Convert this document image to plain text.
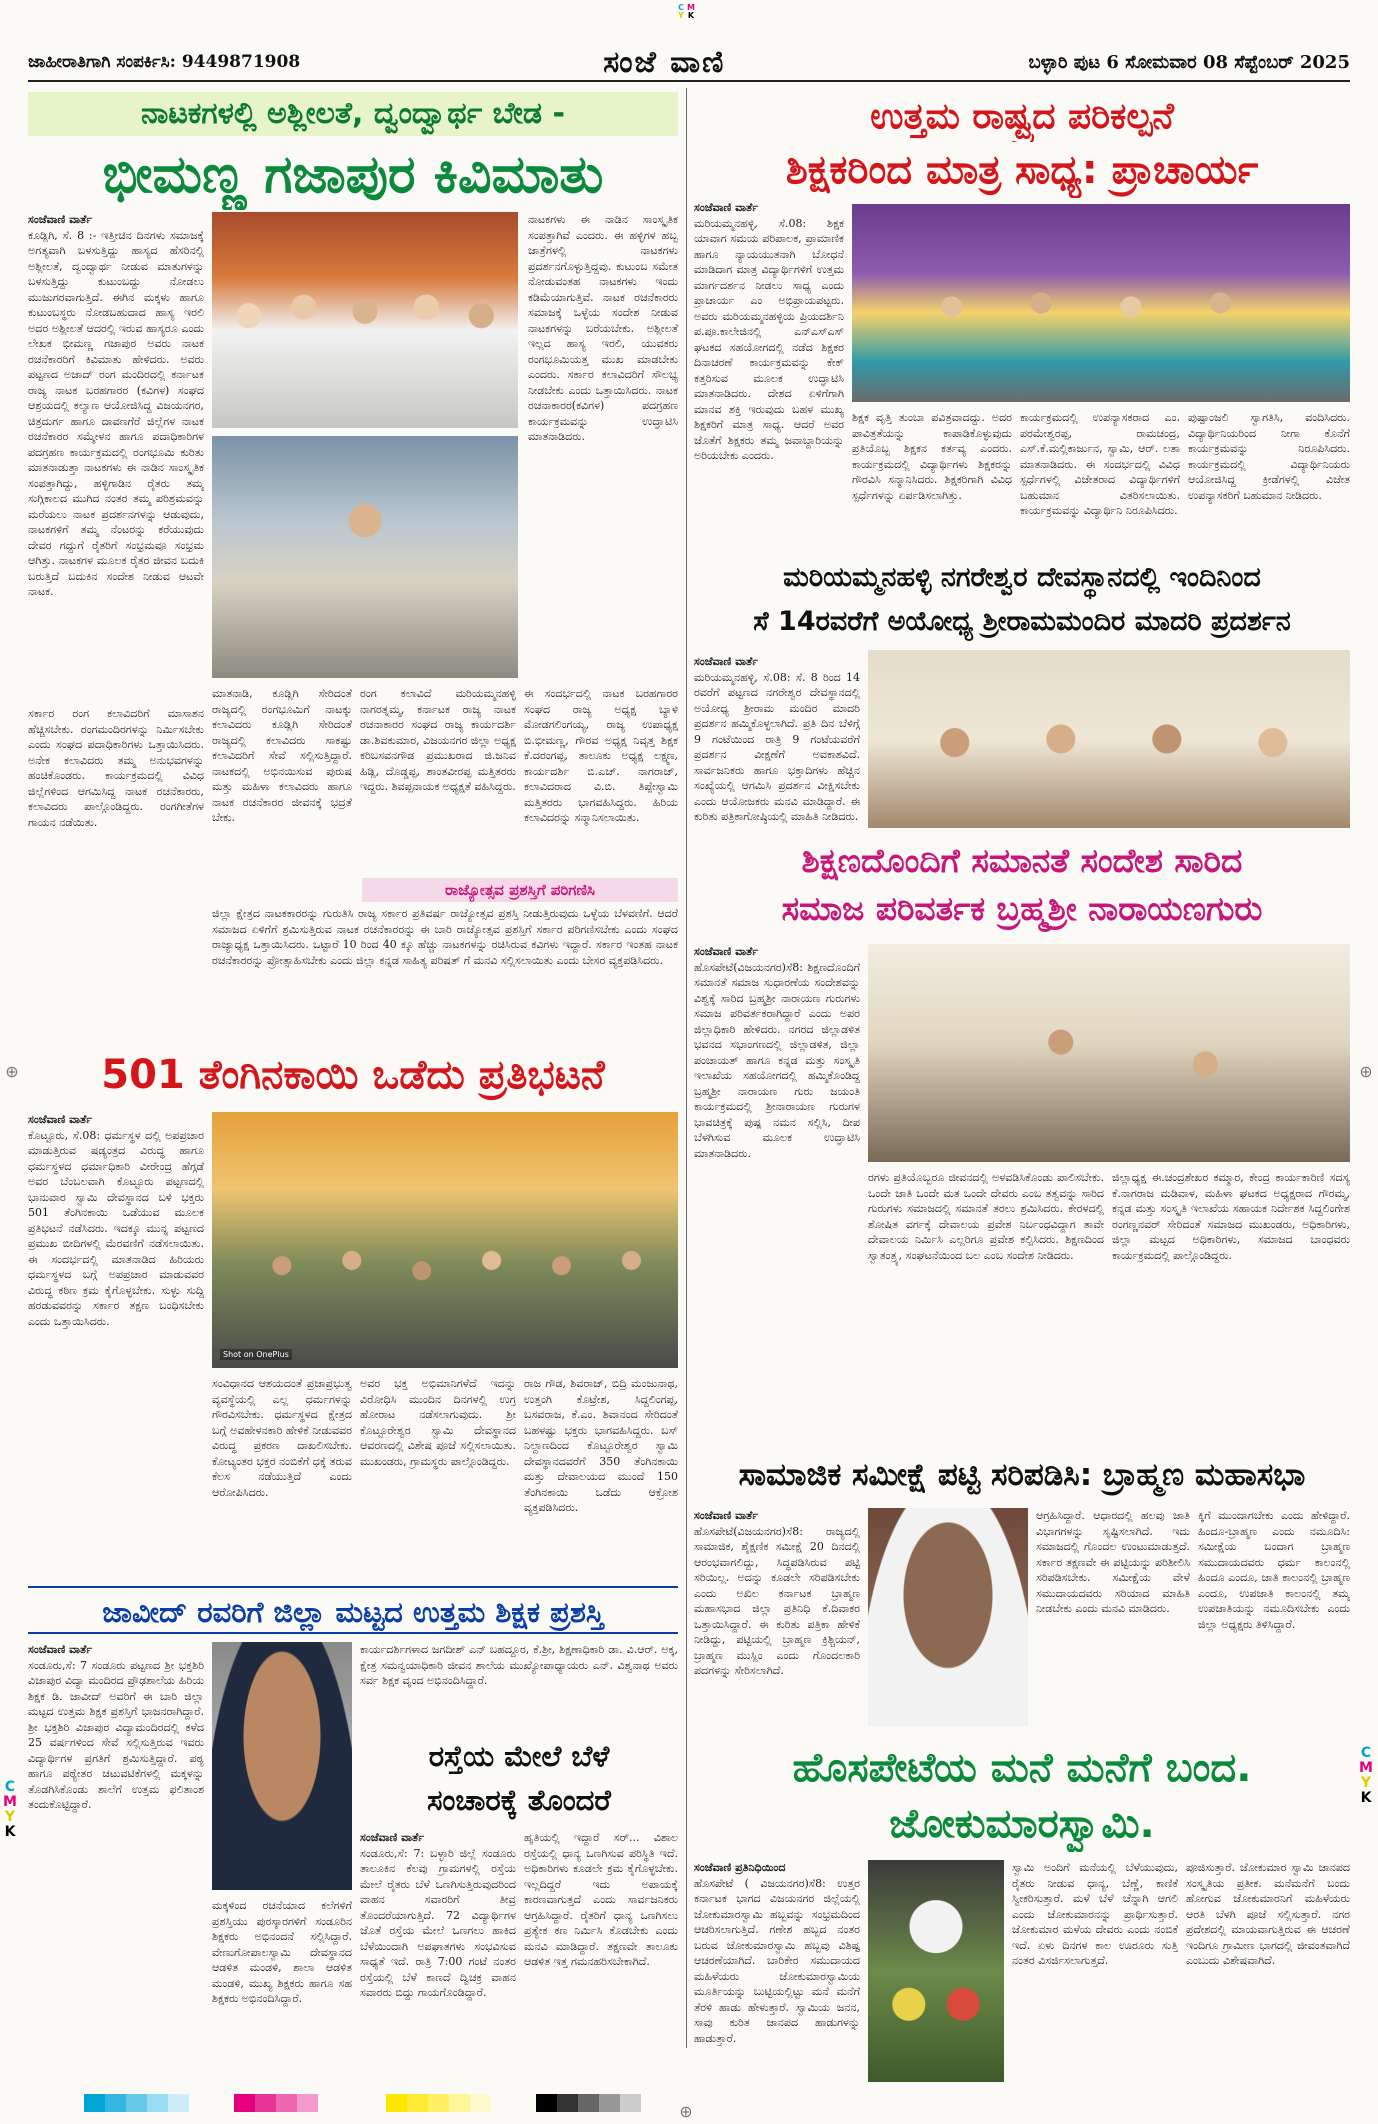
C M
Y K
ಜಾಹೀರಾತಿಗಾಗಿ ಸಂಪರ್ಕಿಸಿ: 9449871908	ಸಂಜೆ ವಾಣಿ	ಬಳ್ಳಾರಿ ಪುಟ 6 ಸೋಮವಾರ 08 ಸೆಪ್ಟೆಂಬರ್ 2025
ನಾಟಕಗಳಲ್ಲಿ ಅಶ್ಲೀಲತೆ, ದ್ವಂದ್ವಾರ್ಥ ಬೇಡ -
ಭೀಮಣ್ಣ ಗಜಾಪುರ ಕಿವಿಮಾತು
ಸಂಜೆವಾಣಿ ವಾರ್ತೆ
ಕೂಡ್ಲಿಗಿ, ಸೆ. 8 :- ಇತ್ತೀಚಿನ ದಿನಗಳು ಸಮಾಜಕ್ಕೆ ಅಗತ್ಯವಾಗಿ ಬಳಸುತ್ತಿದ್ದು ಹಾಸ್ಯದ ಹೆಸರಿನಲ್ಲಿ ಅಶ್ಲೀಲತೆ, ದ್ವಂದ್ವಾರ್ಥ ನೀಡುವ ಮಾತುಗಳನ್ನು ಬಳಸುತ್ತಿದ್ದು ಕುಟುಂಬದ್ದು ನೋಡಲು ಮುಜುಗರವಾಗುತ್ತಿದೆ. ಈಗಿನ ಮಕ್ಕಳು ಹಾಗೂ ಕುಟುಂಬಸ್ಥರು ನೋಡಬಹುದಾದ ಹಾಸ್ಯ ಇರಲಿ ಅದರ ಅಶ್ಲೀಲತೆ ಆದರಲ್ಲಿ ಇರುವ ಹಾಸ್ಯರೂ ಎಂದು ಲೇಖಕ ಭೀಮಣ್ಣ ಗಜಾಪುರ ಅವರು ನಾಟಕ ರಚನೆಕಾರರಿಗೆ ಕಿವಿಮಾತು ಹೇಳಿದರು. ಅವರು ಪಟ್ಟಣದ ಅಜಾದ್ ರಂಗ ಮಂದಿರದಲ್ಲಿ ಕರ್ನಾಟಕ ರಾಜ್ಯ ನಾಟಕ ಬರಹಗಾರರ (ಕವಿಗಳ) ಸಂಘದ ಆಶ್ರಯದಲ್ಲಿ ಕಲ್ಯಾಣ ಆಯೋಜಿಸಿದ್ದ ವಿಜಯನಗರ, ಚಿತ್ರದುರ್ಗ ಹಾಗೂ ದಾವಣಗೆರೆ ಜಿಲ್ಲೆಗಳ ನಾಟಕ ರಚನೆಕಾರರ ಸಮ್ಮೇಳನ ಹಾಗೂ ಪದಾಧಿಕಾರಿಗಳ ಪದಗ್ರಹಣ ಕಾರ್ಯಕ್ರಮದಲ್ಲಿ ರಂಗಭೂಮಿ ಕುರಿತು ಮಾತನಾಡುತ್ತಾ ನಾಟಕಗಳು ಈ ನಾಡಿನ ಸಾಂಸ್ಕೃತಿಕ ಸಂಪತ್ತಾಗಿದ್ದು, ಹಳ್ಳಿಗಾಡಿನ ರೈತರು ತಮ್ಮ ಸುಗ್ಗಿಕಾಲದ ಮುಗಿದ ನಂತರ ತಮ್ಮ ಪರಿಶ್ರಮವನ್ನು ಮರೆಯಲು ನಾಟಕ ಪ್ರದರ್ಶನಗಳನ್ನು ಆಡುವುದು, ನಾಟಕಗಳಿಗೆ ತಮ್ಮ ನೆಂಟರನ್ನು ಕರೆಯುವುದು ದೇವರ ಗದ್ದುಗೆ ರೈತರಿಗೆ ಸಂಭ್ರಮವೂ ಸಂಭ್ರಮ ಆಗಿತ್ತು. ನಾಟಕಗಳ ಮೂಲಕ ರೈತರ ಜೀವನ ಬದುಕಿ ಬರುತ್ತಿದೆ ಬದುಕಿನ ಸಂದೇಶ ನೀಡುವ ಆಟವೇ ನಾಟಕ.
ನಾಟಕಗಳು ಈ ನಾಡಿನ ಸಾಂಸ್ಕೃತಿಕ ಸಂಪತ್ತಾಗಿವೆ ಎಂದರು. ಈ ಹಳ್ಳಿಗಳ ಹಬ್ಬ ಜಾತ್ರೆಗಳಲ್ಲಿ ನಾಟಕಗಳು ಪ್ರದರ್ಶನಗೊಳ್ಳುತ್ತಿದ್ದವು. ಕುಟುಂಬ ಸಮೇತ ನೋಡುವಂತಹ ನಾಟಕಗಳು ಇಂದು ಕಡಿಮೆಯಾಗುತ್ತಿವೆ. ನಾಟಕ ರಚನೆಕಾರರು ಸಮಾಜಕ್ಕೆ ಒಳ್ಳೆಯ ಸಂದೇಶ ನೀಡುವ ನಾಟಕಗಳನ್ನು ಬರೆಯಬೇಕು. ಅಶ್ಲೀಲತೆ ಇಲ್ಲದ ಹಾಸ್ಯ ಇರಲಿ, ಯುವಕರು ರಂಗಭೂಮಿಯತ್ತ ಮುಖ ಮಾಡಬೇಕು ಎಂದರು. ಸರ್ಕಾರ ಕಲಾವಿದರಿಗೆ ಸೌಲಭ್ಯ ನೀಡಬೇಕು ಎಂದು ಒತ್ತಾಯಿಸಿದರು. ನಾಟಕ ರಚನಾಕಾರರ(ಕವಿಗಳ) ಪದಗ್ರಹಣ ಕಾರ್ಯಕ್ರಮವನ್ನು ಉದ್ಘಾಟಿಸಿ ಮಾತನಾಡಿದರು.
ಸರ್ಕಾರ ರಂಗ ಕಲಾವಿದರಿಗೆ ಮಾಸಾಶನ ಹೆಚ್ಚಿಸಬೇಕು. ರಂಗಮಂದಿರಗಳನ್ನು ನಿರ್ಮಿಸಬೇಕು ಎಂದು ಸಂಘದ ಪದಾಧಿಕಾರಿಗಳು ಒತ್ತಾಯಿಸಿದರು. ಅನೇಕ ಕಲಾವಿದರು ತಮ್ಮ ಅನುಭವಗಳನ್ನು ಹಂಚಿಕೊಂಡರು. ಕಾರ್ಯಕ್ರಮದಲ್ಲಿ ವಿವಿಧ ಜಿಲ್ಲೆಗಳಿಂದ ಆಗಮಿಸಿದ್ದ ನಾಟಕ ರಚನೆಕಾರರು, ಕಲಾವಿದರು ಪಾಲ್ಗೊಂಡಿದ್ದರು. ರಂಗಗೀತೆಗಳ ಗಾಯನ ನಡೆಯಿತು.
ಮಾತನಾಡಿ, ಕೂಡ್ಲಿಗಿ ಸೇರಿದಂತೆ ರಾಜ್ಯದಲ್ಲಿ ರಂಗಭೂಮಿಗೆ ನಾಟಕ್ಕು ಕಲಾವಿದರು ಕೂಡ್ಲಿಗಿ ಸೇರಿದಂತೆ ರಾಜ್ಯದಲ್ಲಿ ಕಲಾವಿದರು ಸಾಕಷ್ಟು ಕಲಾವಿದರಿಗೆ ಸೇವೆ ಸಲ್ಲಿಸುತ್ತಿದ್ದಾರೆ. ನಾಟಕದಲ್ಲಿ ಅಭಿನಯಿಸುವ ಪುರುಷ ಮತ್ತು ಮಹಿಳಾ ಕಲಾವಿದರು ಹಾಗೂ ನಾಟಕ ರಚನೆಕಾರರ ಜೀವನಕ್ಕೆ ಭದ್ರತೆ ಬೇಕು.
ರಂಗ ಕಲಾವಿದೆ ಮರಿಯಮ್ಮನಹಳ್ಳಿ ನಾಗರತ್ನಮ್ಮ, ಕರ್ನಾಟಕ ರಾಜ್ಯ ನಾಟಕ ರಚನಾಕಾರರ ಸಂಘದ ರಾಜ್ಯ ಕಾರ್ಯದರ್ಶಿ ಡಾ.ಶಿವಕುಮಾರ, ವಿಜಯನಗರ ಜಿಲ್ಲಾ ಅಧ್ಯಕ್ಷ ಕರಿಬಸವನಗೌಡ ಪ್ರಮುಖರಾದ ಜಿ.ಜನಿವ ಹಿಡ್ಲಿ, ದೊಡ್ಡಪ್ಪ, ಶಾಂತವೀರಪ್ಪ ಮತ್ತಿತರರು ಇದ್ದರು. ಶಿವಪ್ಪನಾಯಕ ಅಧ್ಯಕ್ಷತೆ ವಹಿಸಿದ್ದರು.
ಈ ಸಂದರ್ಭದಲ್ಲಿ ನಾಟಕ ಬರಹಗಾರರ ಸಂಘದ ರಾಜ್ಯ ಅಧ್ಯಕ್ಷ ಬ್ಯಾಳಿ ಮೋಡಗಲಿಂಗಯ್ಯ, ರಾಜ್ಯ ಉಪಾಧ್ಯಕ್ಷ ಬಿ.ಭೀಮಣ್ಣ, ಗೌರವ ಅಧ್ಯಕ್ಷ ನಿವೃತ್ತ ಶಿಕ್ಷಕ ಕೆ.ದರಂಗಪ್ಪ, ತಾಲೂಕು ಅಧ್ಯಕ್ಷ ಲಕ್ಷ್ಮಣ, ಕಾರ್ಯದರ್ಶಿ ಬಿ.ಎಚ್. ನಾಗರಾಜ್, ಕಲಾವಿದರಾದ ವಿ.ಬಿ. ತಿಪ್ಪೇಸ್ವಾಮಿ ಮತ್ತಿತರರು ಭಾಗವಹಿಸಿದ್ದರು. ಹಿರಿಯ ಕಲಾವಿದರನ್ನು ಸನ್ಮಾನಿಸಲಾಯಿತು.
ರಾಜ್ಯೋತ್ಸವ ಪ್ರಶಸ್ತಿಗೆ ಪರಿಗಣಿಸಿ
ಜಿಲ್ಲಾ ಕ್ಷೇತ್ರದ ನಾಟಕಕಾರರನ್ನು ಗುರುತಿಸಿ ರಾಜ್ಯ ಸರ್ಕಾರ ಪ್ರತಿವರ್ಷ ರಾಜ್ಯೋತ್ಸವ ಪ್ರಶಸ್ತಿ ನೀಡುತ್ತಿರುವುದು ಒಳ್ಳೆಯ ಬೆಳವಣಿಗೆ. ಆದರೆ ಸಮಾಜದ ಏಳಿಗೆಗೆ ಶ್ರಮಿಸುತ್ತಿರುವ ನಾಟಕ ರಚನೆಕಾರರನ್ನು ಈ ಬಾರಿ ರಾಜ್ಯೋತ್ಸವ ಪ್ರಶಸ್ತಿಗೆ ಸರ್ಕಾರ ಪರಿಗಣಿಸಬೇಕು ಎಂದು ಸಂಘದ ರಾಜ್ಯಾಧ್ಯಕ್ಷ ಒತ್ತಾಯಿಸಿದರು. ಒಟ್ಟಾರೆ 10 ರಿಂದ 40 ಕ್ಕೂ ಹೆಚ್ಚು ನಾಟಕಗಳನ್ನು ರಚಿಸಿರುವ ಕವಿಗಳು ಇದ್ದಾರೆ. ಸರ್ಕಾರ ಇಂತಹ ನಾಟಕ ರಚನೆಕಾರರನ್ನು ಪ್ರೋತ್ಸಾಹಿಸಬೇಕು ಎಂದು ಜಿಲ್ಲಾ ಕನ್ನಡ ಸಾಹಿತ್ಯ ಪರಿಷತ್ ಗೆ ಮನವಿ ಸಲ್ಲಿಸಲಾಯಿತು ಎಂದು ಬೇಸರ ವ್ಯಕ್ತಪಡಿಸಿದರು.
501 ತೆಂಗಿನಕಾಯಿ ಒಡೆದು ಪ್ರತಿಭಟನೆ
ಸಂಜೆವಾಣಿ ವಾರ್ತೆ
ಕೊಟ್ಟೂರು, ಸೆ.08: ಧರ್ಮಸ್ಥಳ ದಲ್ಲಿ ಅಪಪ್ರಚಾರ ಮಾಡುತ್ತಿರುವ ಷಡ್ಯಂತ್ರದ ವಿರುದ್ಧ ಹಾಗೂ ಧರ್ಮಸ್ಥಳದ ಧರ್ಮಾಧಿಕಾರಿ ವೀರೇಂದ್ರ ಹೆಗ್ಗಡೆ ಅವರ ಬೆಂಬಲವಾಗಿ ಕೊಟ್ಟೂರು ಪಟ್ಟಣದಲ್ಲಿ ಭಾನುವಾರ ಸ್ವಾಮಿ ದೇವಸ್ಥಾನದ ಬಳಿ ಭಕ್ತರು 501 ತೆಂಗಿನಕಾಯಿ ಒಡೆಯುವ ಮೂಲಕ ಪ್ರತಿಭಟನೆ ನಡೆಸಿದರು. ಇದಕ್ಕೂ ಮುನ್ನ ಪಟ್ಟಣದ ಪ್ರಮುಖ ಬೀದಿಗಳಲ್ಲಿ ಮೆರವಣಿಗೆ ನಡೆಸಲಾಯಿತು. ಈ ಸಂದರ್ಭದಲ್ಲಿ ಮಾತನಾಡಿದ ಹಿರಿಯರು ಧರ್ಮಸ್ಥಳದ ಬಗ್ಗೆ ಅಪಪ್ರಚಾರ ಮಾಡುವವರ ವಿರುದ್ಧ ಕಠಿಣ ಕ್ರಮ ಕೈಗೊಳ್ಳಬೇಕು. ಸುಳ್ಳು ಸುದ್ದಿ ಹರಡುವವರನ್ನು ಸರ್ಕಾರ ತಕ್ಷಣ ಬಂಧಿಸಬೇಕು ಎಂದು ಒತ್ತಾಯಿಸಿದರು.
Shot on OnePlus
ಸಂವಿಧಾನದ ಆಶಯದಂತೆ ಪ್ರಜಾಪ್ರಭುತ್ವ ವ್ಯವಸ್ಥೆಯಲ್ಲಿ ಎಲ್ಲ ಧರ್ಮಗಳನ್ನು ಗೌರವಿಸಬೇಕು. ಧರ್ಮಸ್ಥಳದ ಕ್ಷೇತ್ರದ ಬಗ್ಗೆ ಅವಹೇಳನಕಾರಿ ಹೇಳಿಕೆ ನೀಡುವವರ ವಿರುದ್ಧ ಪ್ರಕರಣ ದಾಖಲಿಸಬೇಕು. ಕೋಟ್ಯಂತರ ಭಕ್ತರ ನಂಬಿಕೆಗೆ ಧಕ್ಕೆ ತರುವ ಕೆಲಸ ನಡೆಯುತ್ತಿದೆ ಎಂದು ಆರೋಪಿಸಿದರು.
ಅವರ ಭಕ್ತ ಅಭಿಮಾನಿಗಳೆದೆ ಇದನ್ನು ವಿರೋಧಿಸಿ ಮುಂದಿನ ದಿನಗಳಲ್ಲಿ ಉಗ್ರ ಹೋರಾಟ ನಡೆಸಲಾಗುವುದು. ಶ್ರೀ ಕೊಟ್ಟೂರೇಶ್ವರ ಸ್ವಾಮಿ ದೇವಸ್ಥಾನದ ಆವರಣದಲ್ಲಿ ವಿಶೇಷ ಪೂಜೆ ಸಲ್ಲಿಸಲಾಯಿತು. ಮುಖಂಡರು, ಗ್ರಾಮಸ್ಥರು ಪಾಲ್ಗೊಂಡಿದ್ದರು.
ರಾಜ ಗೌಡ, ಶಿವರಾಜ್, ಬಿದ್ರಿ ಮಂಜುನಾಥ, ಉತ್ತಂಗಿ ಕೊಟ್ರೇಶ, ಸಿದ್ದಲಿಂಗಪ್ಪ, ಬಸವರಾಜ, ಕೆ.ಎಂ. ಶಿವಾನಂದ ಸೇರಿದಂತೆ ಬಹಳಷ್ಟು ಭಕ್ತರು ಭಾಗವಹಿಸಿದ್ದರು. ಬಸ್ ನಿಲ್ದಾಣದಿಂದ ಕೊಟ್ಟೂರೇಶ್ವರ ಸ್ವಾಮಿ ದೇವಸ್ಥಾನದವರೆಗೆ 350 ತೆಂಗಿನಕಾಯಿ ಮತ್ತು ದೇವಾಲಯದ ಮುಂದೆ 150 ತೆಂಗಿನಕಾಯಿ ಒಡೆದು ಆಕ್ರೋಶ ವ್ಯಕ್ತಪಡಿಸಿದರು.
ಜಾವೀದ್ ರವರಿಗೆ ಜಿಲ್ಲಾ ಮಟ್ಟದ ಉತ್ತಮ ಶಿಕ್ಷಕ ಪ್ರಶಸ್ತಿ
ಸಂಜೆವಾಣಿ ವಾರ್ತೆ
ಸಂಡೂರು,ಸೆ: 7 ಸಂಡೂರು ಪಟ್ಟಣದ ಶ್ರೀ ಭಕ್ತಶಿರಿ ವಿಜಾಪುರ ವಿದ್ಯಾ ಮಂದಿರದ ಪ್ರೌಢಶಾಲೆಯ ಹಿರಿಯ ಶಿಕ್ಷಕ ಡಿ. ಜಾವೀದ್ ಅವರಿಗೆ ಈ ಬಾರಿ ಜಿಲ್ಲಾ ಮಟ್ಟದ ಉತ್ತಮ ಶಿಕ್ಷಕ ಪ್ರಶಸ್ತಿಗೆ ಭಾಜನರಾಗಿದ್ದಾರೆ. ಶ್ರೀ ಭಕ್ತಶಿರಿ ವಿಜಾಪುರ ವಿದ್ಯಾಮಂದಿರದಲ್ಲಿ ಕಳೆದ 25 ವರ್ಷಗಳಿಂದ ಸೇವೆ ಸಲ್ಲಿಸುತ್ತಿರುವ ಇವರು ವಿದ್ಯಾರ್ಥಿಗಳ ಪ್ರಗತಿಗೆ ಶ್ರಮಿಸುತ್ತಿದ್ದಾರೆ. ಪಠ್ಯ ಹಾಗೂ ಪಠ್ಯೇತರ ಚಟುವಟಿಕೆಗಳಲ್ಲಿ ಮಕ್ಕಳನ್ನು ತೊಡಗಿಸಿಕೊಂಡು ಶಾಲೆಗೆ ಉತ್ತಮ ಫಲಿತಾಂಶ ತಂದುಕೊಟ್ಟಿದ್ದಾರೆ.
ಮಕ್ಕಳಿಂದ ರಚನೆಯಾದ ಕಲೆಗಳಿಗೆ ಪ್ರಶಸ್ತಿಯು ಪುರಸ್ಕಾರಗಳಿಗೆ ಸಂಡೂರಿನ ಶಿಕ್ಷಕರು ಅಭಿನಂದನೆ ಸಲ್ಲಿಸಿದ್ದಾರೆ. ವೇಣುಗೋಪಾಲಸ್ವಾಮಿ ದೇವಸ್ಥಾನದ ಆಡಳಿತ ಮಂಡಳಿ, ಶಾಲಾ ಆಡಳಿತ ಮಂಡಳಿ, ಮುಖ್ಯ ಶಿಕ್ಷಕರು ಹಾಗೂ ಸಹ ಶಿಕ್ಷಕರು ಅಭಿನಂದಿಸಿದ್ದಾರೆ.
ಕಾರ್ಯದರ್ಶಿಗಳಾದ ಜಗದೀಶ್ ಎನ್ ಬಹದ್ದೂರ, ಕೆ.ಶ್ರೀ, ಶಿಕ್ಷಣಾಧಿಕಾರಿ ಡಾ. ವಿ.ಆರ್. ಅಕ್ಕ, ಕ್ಷೇತ್ರ ಸಮನ್ವಯಾಧಿಕಾರಿ ಜೀವನ ಶಾಲೆಯ ಮುಖ್ಯೋಪಾಧ್ಯಾಯರು ಎನ್. ವಿಶ್ವನಾಥ ಅವರು ಸರ್ವ ಶಿಕ್ಷಕ ವೃಂದ ಅಭಿನಂದಿಸಿದ್ದಾರೆ.
ರಸ್ತೆಯ ಮೇಲೆ ಬೆಳೆ
ಸಂಚಾರಕ್ಕೆ ತೊಂದರೆ
ಸಂಜೆವಾಣಿ ವಾರ್ತೆ
ಸಂಡೂರು,ಸೆ: 7: ಬಳ್ಳಾರಿ ಜಿಲ್ಲೆ ಸಂಡೂರು ತಾಲೂಕಿನ ಕೆಲವು ಗ್ರಾಮಗಳಲ್ಲಿ ರಸ್ತೆಯ ಮೇಲೆ ರೈತರು ಬೆಳೆ ಒಣಗಿಸುತ್ತಿರುವುದರಿಂದ ವಾಹನ ಸವಾರರಿಗೆ ತೀವ್ರ ತೊಂದರೆಯಾಗುತ್ತಿದೆ. 72 ವಿದ್ಯಾರ್ಥಿಗಳ ಜೊತೆ ರಸ್ತೆಯ ಮೇಲೆ ಒಣಗಲು ಹಾಕಿದ ಬೆಳೆಯಿಂದಾಗಿ ಅಪಘಾತಗಳು ಸಂಭವಿಸುವ ಸಾಧ್ಯತೆ ಇದೆ. ರಾತ್ರಿ 7:00 ಗಂಟೆ ನಂತರ ರಸ್ತೆಯಲ್ಲಿ ಬೆಳೆ ಕಾಣದೆ ದ್ವಿಚಕ್ರ ವಾಹನ ಸವಾರರು ಬಿದ್ದು ಗಾಯಗೊಂಡಿದ್ದಾರೆ.
ಹೃತಿಯಲ್ಲಿ ಇದ್ದಾರೆ ಸರ್... ವಿಶಾಲ ರಸ್ತೆಯಲ್ಲಿ ಧಾನ್ಯ ಒಣಗಿಸುವ ಪರಿಸ್ಥಿತಿ ಇದೆ. ಅಧಿಕಾರಿಗಳು ಕೂಡಲೇ ಕ್ರಮ ಕೈಗೊಳ್ಳಬೇಕು. ಇಲ್ಲದಿದ್ದರೆ ಇದು ಅಪಾಯಕ್ಕೆ ಕಾರಣವಾಗುತ್ತದೆ ಎಂದು ಸಾರ್ವಜನಿಕರು ಆಗ್ರಹಿಸಿದ್ದಾರೆ. ರೈತರಿಗೆ ಧಾನ್ಯ ಒಣಗಿಸಲು ಪ್ರತ್ಯೇಕ ಕಣ ನಿರ್ಮಿಸಿ ಕೊಡಬೇಕು ಎಂದು ಮನವಿ ಮಾಡಿದ್ದಾರೆ. ತಕ್ಷಣವೇ ತಾಲೂಕು ಆಡಳಿತ ಇತ್ತ ಗಮನಹರಿಸಬೇಕಾಗಿದೆ.
ಉತ್ತಮ ರಾಷ್ಟ್ರದ ಪರಿಕಲ್ಪನೆ
ಶಿಕ್ಷಕರಿಂದ ಮಾತ್ರ ಸಾಧ್ಯ: ಪ್ರಾಚಾರ್ಯ
ಸಂಜೆವಾಣಿ ವಾರ್ತೆ
ಮರಿಯಮ್ಮನಹಳ್ಳಿ, ಸೆ.08: ಶಿಕ್ಷಕ ಯಾವಾಗ ಸಮಯ ಪರಿಪಾಲಕ, ಪ್ರಾಮಾಣಿಕ ಹಾಗೂ ನ್ಯಾಯಯುತನಾಗಿ ಬೋಧನೆ ಮಾಡಿದಾಗ ಮಾತ್ರ ವಿದ್ಯಾರ್ಥಿಗಳಿಗೆ ಉತ್ತಮ ಮಾರ್ಗದರ್ಶನ ನೀಡಲು ಸಾಧ್ಯ ಎಂದು ಪ್ರಾಚಾರ್ಯ ಎಂ ಅಭಿಪ್ರಾಯಪಟ್ಟರು. ಅವರು ಮರಿಯಮ್ಮನಹಳ್ಳಿಯ ಪ್ರಿಯದರ್ಶಿನಿ ಪ.ಪೂ.ಕಾಲೇಜಿನಲ್ಲಿ ಎನ್ಎಸ್ಎಸ್ ಘಟಕದ ಸಹಯೋಗದಲ್ಲಿ ನಡೆದ ಶಿಕ್ಷಕರ ದಿನಾಚರಣೆ ಕಾರ್ಯಕ್ರಮವನ್ನು ಕೇಕ್ ಕತ್ತರಿಸುವ ಮೂಲಕ ಉದ್ಘಾಟಿಸಿ ಮಾತನಾಡಿದರು. ದೇಶದ ಏಳಿಗೆಗಾಗಿ ಮಾನವ ಶಕ್ತಿ ಇರುವುದು ಬಹಳ ಮುಖ್ಯ ಶಿಕ್ಷಕರಿಗೆ ಮಾತ್ರ ಸಾಧ್ಯ. ಆದರೆ ಅವರ ಜೊತೆಗೆ ಶಿಕ್ಷಕರು ತಮ್ಮ ಜವಾಬ್ದಾರಿಯನ್ನು ಅರಿಯಬೇಕು ಎಂದರು.
ಶಿಕ್ಷಕ ವೃತ್ತಿ ತುಂಬಾ ಪವಿತ್ರವಾದದ್ದು. ಅದರ ಪಾವಿತ್ರತೆಯನ್ನು ಕಾಪಾಡಿಕೊಳ್ಳುವುದು ಪ್ರತಿಯೊಬ್ಬ ಶಿಕ್ಷಕನ ಕರ್ತವ್ಯ ಎಂದರು. ಕಾರ್ಯಕ್ರಮದಲ್ಲಿ ವಿದ್ಯಾರ್ಥಿಗಳು ಶಿಕ್ಷಕರನ್ನು ಗೌರವಿಸಿ ಸನ್ಮಾನಿಸಿದರು. ಶಿಕ್ಷಕರಿಗಾಗಿ ವಿವಿಧ ಸ್ಪರ್ಧೆಗಳನ್ನು ಏರ್ಪಡಿಸಲಾಗಿತ್ತು.
ಕಾರ್ಯಕ್ರಮದಲ್ಲಿ ಉಪನ್ಯಾಸಕರಾದ ಎಂ. ಪರಮೇಶ್ವರಪ್ಪ, ರಾಮಚಂದ್ರ, ಎಸ್.ಕೆ.ಮಲ್ಲಿಕಾರ್ಜುನ, ಸ್ವಾಮಿ, ಆರ್. ಲತಾ ಮಾತನಾಡಿದರು. ಈ ಸಂದರ್ಭದಲ್ಲಿ ವಿವಿಧ ಸ್ಪರ್ಧೆಗಳಲ್ಲಿ ವಿಜೇತರಾದ ವಿದ್ಯಾರ್ಥಿಗಳಿಗೆ ಬಹುಮಾನ ವಿತರಿಸಲಾಯಿತು. ಕಾರ್ಯಕ್ರಮವನ್ನು ವಿದ್ಯಾರ್ಥಿನಿ ನಿರೂಪಿಸಿದರು.
ಪುಷ್ಪಾಂಜಲಿ ಸ್ವಾಗತಿಸಿ, ವಂದಿಸಿದರು. ವಿದ್ಯಾರ್ಥಿನಿಯರಿಂದ ನೀಗಾ ಕೊನೆಗೆ ಕಾರ್ಯಕ್ರಮವನ್ನು ನಿರೂಪಿಸಿದರು. ಕಾರ್ಯಕ್ರಮದಲ್ಲಿ ವಿದ್ಯಾರ್ಥಿನಿಯರು ಆಯೋಜಿಸಿದ್ದ ಕ್ರೀಡೆಗಳಲ್ಲಿ ವಿಜೇತ ಉಪನ್ಯಾಸಕರಿಗೆ ಬಹುಮಾನ ನೀಡಿದರು.
ಮರಿಯಮ್ಮನಹಳ್ಳಿ ನಗರೇಶ್ವರ ದೇವಸ್ಥಾನದಲ್ಲಿ ಇಂದಿನಿಂದ
ಸೆ 14ರವರೆಗೆ ಅಯೋಧ್ಯ ಶ್ರೀರಾಮಮಂದಿರ ಮಾದರಿ ಪ್ರದರ್ಶನ
ಸಂಜೆವಾಣಿ ವಾರ್ತೆ
ಮರಿಯಮ್ಮನಹಳ್ಳಿ, ಸೆ.08: ಸೆ. 8 ರಿಂದ 14 ರವರೆಗೆ ಪಟ್ಟಣದ ನಗರೇಶ್ವರ ದೇವಸ್ಥಾನದಲ್ಲಿ ಅಯೋಧ್ಯ ಶ್ರೀರಾಮ ಮಂದಿರ ಮಾದರಿ ಪ್ರದರ್ಶನ ಹಮ್ಮಿಕೊಳ್ಳಲಾಗಿದೆ. ಪ್ರತಿ ದಿನ ಬೆಳಿಗ್ಗೆ 9 ಗಂಟೆಯಿಂದ ರಾತ್ರಿ 9 ಗಂಟೆಯವರೆಗೆ ಪ್ರದರ್ಶನ ವೀಕ್ಷಣೆಗೆ ಅವಕಾಶವಿದೆ. ಸಾರ್ವಜನಿಕರು ಹಾಗೂ ಭಕ್ತಾದಿಗಳು ಹೆಚ್ಚಿನ ಸಂಖ್ಯೆಯಲ್ಲಿ ಆಗಮಿಸಿ ಪ್ರದರ್ಶನ ವೀಕ್ಷಿಸಬೇಕು ಎಂದು ಆಯೋಜಕರು ಮನವಿ ಮಾಡಿದ್ದಾರೆ. ಈ ಕುರಿತು ಪತ್ರಿಕಾಗೋಷ್ಠಿಯಲ್ಲಿ ಮಾಹಿತಿ ನೀಡಿದರು.
ಶಿಕ್ಷಣದೊಂದಿಗೆ ಸಮಾನತೆ ಸಂದೇಶ ಸಾರಿದ
ಸಮಾಜ ಪರಿವರ್ತಕ ಬ್ರಹ್ಮಶ್ರೀ ನಾರಾಯಣಗುರು
ಸಂಜೆವಾಣಿ ವಾರ್ತೆ
ಹೊಸಪೇಟೆ(ವಿಜಯನಗರ)ಸೆ8: ಶಿಕ್ಷಣದೊಂದಿಗೆ ಸಮಾನತೆ ಸಮಾಜ ಸುಧಾರಣೆಯ ಸಂದೇಶವನ್ನು ವಿಶ್ವಕ್ಕೆ ಸಾರಿದ ಬ್ರಹ್ಮಶ್ರೀ ನಾರಾಯಣ ಗುರುಗಳು ಸಮಾಜ ಪರಿವರ್ತಕರಾಗಿದ್ದಾರೆ ಎಂದು ಅಪರ ಜಿಲ್ಲಾಧಿಕಾರಿ ಹೇಳಿದರು. ನಗರದ ಜಿಲ್ಲಾಡಳಿತ ಭವನದ ಸಭಾಂಗಣದಲ್ಲಿ ಜಿಲ್ಲಾಡಳಿತ, ಜಿಲ್ಲಾ ಪಂಚಾಯತ್ ಹಾಗೂ ಕನ್ನಡ ಮತ್ತು ಸಂಸ್ಕೃತಿ ಇಲಾಖೆಯ ಸಹಯೋಗದಲ್ಲಿ ಹಮ್ಮಿಕೊಂಡಿದ್ದ ಬ್ರಹ್ಮಶ್ರೀ ನಾರಾಯಣ ಗುರು ಜಯಂತಿ ಕಾರ್ಯಕ್ರಮದಲ್ಲಿ ಶ್ರೀನಾರಾಯಣ ಗುರುಗಳ ಭಾವಚಿತ್ರಕ್ಕೆ ಪುಷ್ಪ ನಮನ ಸಲ್ಲಿಸಿ, ದೀಪ ಬೆಳಗಿಸುವ ಮೂಲಕ ಉದ್ಘಾಟಿಸಿ ಮಾತನಾಡಿದರು.
ರಗಳು ಪ್ರತಿಯೊಬ್ಬರೂ ಜೀವನದಲ್ಲಿ ಅಳವಡಿಸಿಕೊಂಡು ಪಾಲಿಸಬೇಕು. ಒಂದೇ ಜಾತಿ ಒಂದೇ ಮತ ಒಂದೇ ದೇವರು ಎಂಬ ತತ್ವವನ್ನು ಸಾರಿದ ಗುರುಗಳು ಸಮಾಜದಲ್ಲಿ ಸಮಾನತೆ ತರಲು ಶ್ರಮಿಸಿದರು. ಕೇರಳದಲ್ಲಿ ಶೋಷಿತ ವರ್ಗಕ್ಕೆ ದೇವಾಲಯ ಪ್ರವೇಶ ನಿರ್ಬಂಧವಿದ್ದಾಗ ತಾವೇ ದೇವಾಲಯ ನಿರ್ಮಿಸಿ ಎಲ್ಲರಿಗೂ ಪ್ರವೇಶ ಕಲ್ಪಿಸಿದರು. ಶಿಕ್ಷಣದಿಂದ ಸ್ವಾತಂತ್ರ್ಯ, ಸಂಘಟನೆಯಿಂದ ಬಲ ಎಂಬ ಸಂದೇಶ ನೀಡಿದರು.
ಜಿಲ್ಲಾಧ್ಯಕ್ಷ ಈ.ಚಂದ್ರಶೇಖರ ಕಮ್ಮಾರ, ಕೇಂದ್ರ ಕಾರ್ಯಕಾರಿಣಿ ಸದಸ್ಯ ಕೆ.ನಾಗರಾಜ ಮಡಿವಾಳ, ಮಹಿಳಾ ಘಟಕದ ಅಧ್ಯಕ್ಷರಾದ ಗೌರಮ್ಮ, ಕನ್ನಡ ಮತ್ತು ಸಂಸ್ಕೃತಿ ಇಲಾಖೆಯ ಸಹಾಯಕ ನಿರ್ದೇಶಕ ಸಿದ್ದಲಿಂಗೇಶ ರಂಗಣ್ಣನವರ್ ಸೇರಿದಂತೆ ಸಮಾಜದ ಮುಖಂಡರು, ಅಧಿಕಾರಿಗಳು, ಜಿಲ್ಲಾ ಮಟ್ಟದ ಅಧಿಕಾರಿಗಳು, ಸಮಾಜದ ಬಾಂಧವರು ಕಾರ್ಯಕ್ರಮದಲ್ಲಿ ಪಾಲ್ಗೊಂಡಿದ್ದರು.
ಸಾಮಾಜಿಕ ಸಮೀಕ್ಷೆ ಪಟ್ಟಿ ಸರಿಪಡಿಸಿ: ಬ್ರಾಹ್ಮಣ ಮಹಾಸಭಾ
ಸಂಜೆವಾಣಿ ವಾರ್ತೆ
ಹೊಸಪೇಟೆ(ವಿಜಯನಗರ)ಸೆ8: ರಾಜ್ಯದಲ್ಲಿ ಸಾಮಾಜಿಕ, ಶೈಕ್ಷಣಿಕ ಸಮೀಕ್ಷೆ 20 ದಿನದಲ್ಲಿ ಆರಂಭವಾಗಲಿದ್ದು, ಸಿದ್ಧಪಡಿಸಿರುವ ಪಟ್ಟಿ ಸರಿಯಿಲ್ಲ. ಅದನ್ನು ಕೂಡಲೇ ಸರಿಪಡಿಸಬೇಕು ಎಂದು ಅಖಿಲ ಕರ್ನಾಟಕ ಬ್ರಾಹ್ಮಣ ಮಹಾಸಭಾದ ಜಿಲ್ಲಾ ಪ್ರತಿನಿಧಿ ಕೆ.ದಿವಾಕರ ಒತ್ತಾಯಿಸಿದ್ದಾರೆ. ಈ ಕುರಿತು ಪತ್ರಿಕಾ ಹೇಳಿಕೆ ನೀಡಿದ್ದು, ಪಟ್ಟಿಯಲ್ಲಿ ಬ್ರಾಹ್ಮಣ ಕ್ರಿಶ್ಚಿಯನ್, ಬ್ರಾಹ್ಮಣ ಮುಸ್ಲಿಂ ಎಂದು ಗೊಂದಲಕಾರಿ ಪದಗಳನ್ನು ಸೇರಿಸಲಾಗಿದೆ.
ಆಗ್ರಹಿಸಿದ್ದಾರೆ. ಆಧಾರದಲ್ಲಿ ಹಲವು ಜಾತಿ ವಿಭಾಗಗಳನ್ನು ಸೃಷ್ಟಿಸಲಾಗಿದೆ. ಇದು ಸಮಾಜದಲ್ಲಿ ಗೊಂದಲ ಉಂಟುಮಾಡುತ್ತದೆ. ಸರ್ಕಾರ ತಕ್ಷಣವೇ ಈ ಪಟ್ಟಿಯನ್ನು ಪರಿಶೀಲಿಸಿ ಸರಿಪಡಿಸಬೇಕು. ಸಮೀಕ್ಷೆಯ ವೇಳೆ ಸಮುದಾಯದವರು ಸರಿಯಾದ ಮಾಹಿತಿ ನೀಡಬೇಕು ಎಂದು ಮನವಿ ಮಾಡಿದರು.
ಕ್ಕಿಗೆ ಮುಂದಾಗಬೇಕು ಎಂದು ಹೇಳಿದ್ದಾರೆ. ಹಿಂದೂ-ಬ್ರಾಹ್ಮಣ ಎಂದು ನಮೂದಿಸಿ: ಸಮೀಕ್ಷೆಯ ಬಂದಾಗ ಬ್ರಾಹ್ಮಣ ಸಮುದಾಯದವರು ಧರ್ಮ ಕಾಲಂನಲ್ಲಿ ಹಿಂದೂ ಎಂದೂ, ಜಾತಿ ಕಾಲಂನಲ್ಲಿ ಬ್ರಾಹ್ಮಣ ಎಂದೂ, ಉಪಜಾತಿ ಕಾಲಂನಲ್ಲಿ ತಮ್ಮ ಉಪಜಾತಿಯನ್ನು ನಮೂದಿಸಬೇಕು ಎಂದು ಜಿಲ್ಲಾ ಅಧ್ಯಕ್ಷರು ತಿಳಿಸಿದ್ದಾರೆ.
ಹೊಸಪೇಟೆಯ ಮನೆ ಮನೆಗೆ ಬಂದ.
ಜೋಕುಮಾರಸ್ವಾಮಿ.
ಸಂಜೆವಾಣಿ ಪ್ರತಿನಿಧಿಯಿಂದ
ಹೊಸಪೇಟೆ ( ವಿಜಯನಗರ)ಸೆ8: ಉತ್ತರ ಕರ್ನಾಟಕ ಭಾಗದ ವಿಜಯನಗರ ಜಿಲ್ಲೆಯಲ್ಲಿ ಜೋಕುಮಾರಸ್ವಾಮಿ ಹಬ್ಬವನ್ನು ಸಂಭ್ರಮದಿಂದ ಆಚರಿಸಲಾಗುತ್ತಿದೆ. ಗಣೇಶ ಹಬ್ಬದ ನಂತರ ಬರುವ ಜೋಕುಮಾರಸ್ವಾಮಿ ಹಬ್ಬವು ವಿಶಿಷ್ಟ ಆಚರಣೆಯಾಗಿದೆ. ಬಾರಿಕೇರ ಸಮುದಾಯದ ಮಹಿಳೆಯರು ಜೋಕುಮಾರಸ್ವಾಮಿಯ ಮೂರ್ತಿಯನ್ನು ಬುಟ್ಟಿಯಲ್ಲಿಟ್ಟು ಮನೆ ಮನೆಗೆ ತೆರಳಿ ಹಾಡು ಹೇಳುತ್ತಾರೆ. ಸ್ವಾಮಿಯ ಜನನ, ಸಾವು ಕುರಿತ ಜಾನಪದ ಹಾಡುಗಳನ್ನು ಹಾಡುತ್ತಾರೆ.
ಸ್ವಾಮಿ ಅಂದಿಗೆ ಮನೆಯಲ್ಲಿ ಬೆಳೆಯುವುದು, ರೈತರು ನೀಡುವ ಧಾನ್ಯ, ಬೆಣ್ಣೆ, ಕಾಣಿಕೆ ಸ್ವೀಕರಿಸುತ್ತಾರೆ. ಮಳೆ ಬೆಳೆ ಚೆನ್ನಾಗಿ ಆಗಲಿ ಎಂದು ಜೋಕುಮಾರನನ್ನು ಪ್ರಾರ್ಥಿಸುತ್ತಾರೆ. ಜೋಕುಮಾರ ಮಳೆಯ ದೇವರು ಎಂದು ನಂಬಿಕೆ ಇದೆ. ಏಳು ದಿನಗಳ ಕಾಲ ಊರೂರು ಸುತ್ತಿ ನಂತರ ವಿಸರ್ಜಿಸಲಾಗುತ್ತದೆ.
ಪೂಜಿಸುತ್ತಾರೆ. ಜೋಕುಮಾರ ಸ್ವಾಮಿ ಜಾನಪದ ಸಂಸ್ಕೃತಿಯ ಪ್ರತೀಕ. ಮನೆಮನೆಗೆ ಬಂದು ಹೋಗುವ ಜೋಕುಮಾರನಿಗೆ ಮಹಿಳೆಯರು ಆರತಿ ಬೆಳಗಿ ಪೂಜೆ ಸಲ್ಲಿಸುತ್ತಾರೆ. ನಗರ ಪ್ರದೇಶದಲ್ಲಿ ಮಾಯವಾಗುತ್ತಿರುವ ಈ ಆಚರಣೆ ಇಂದಿಗೂ ಗ್ರಾಮೀಣ ಭಾಗದಲ್ಲಿ ಜೀವಂತವಾಗಿದೆ ಎಂಬುದು ವಿಶೇಷವಾಗಿದೆ.
C
M
Y
K
C
M
Y
K
⊕	⊕
⊕
